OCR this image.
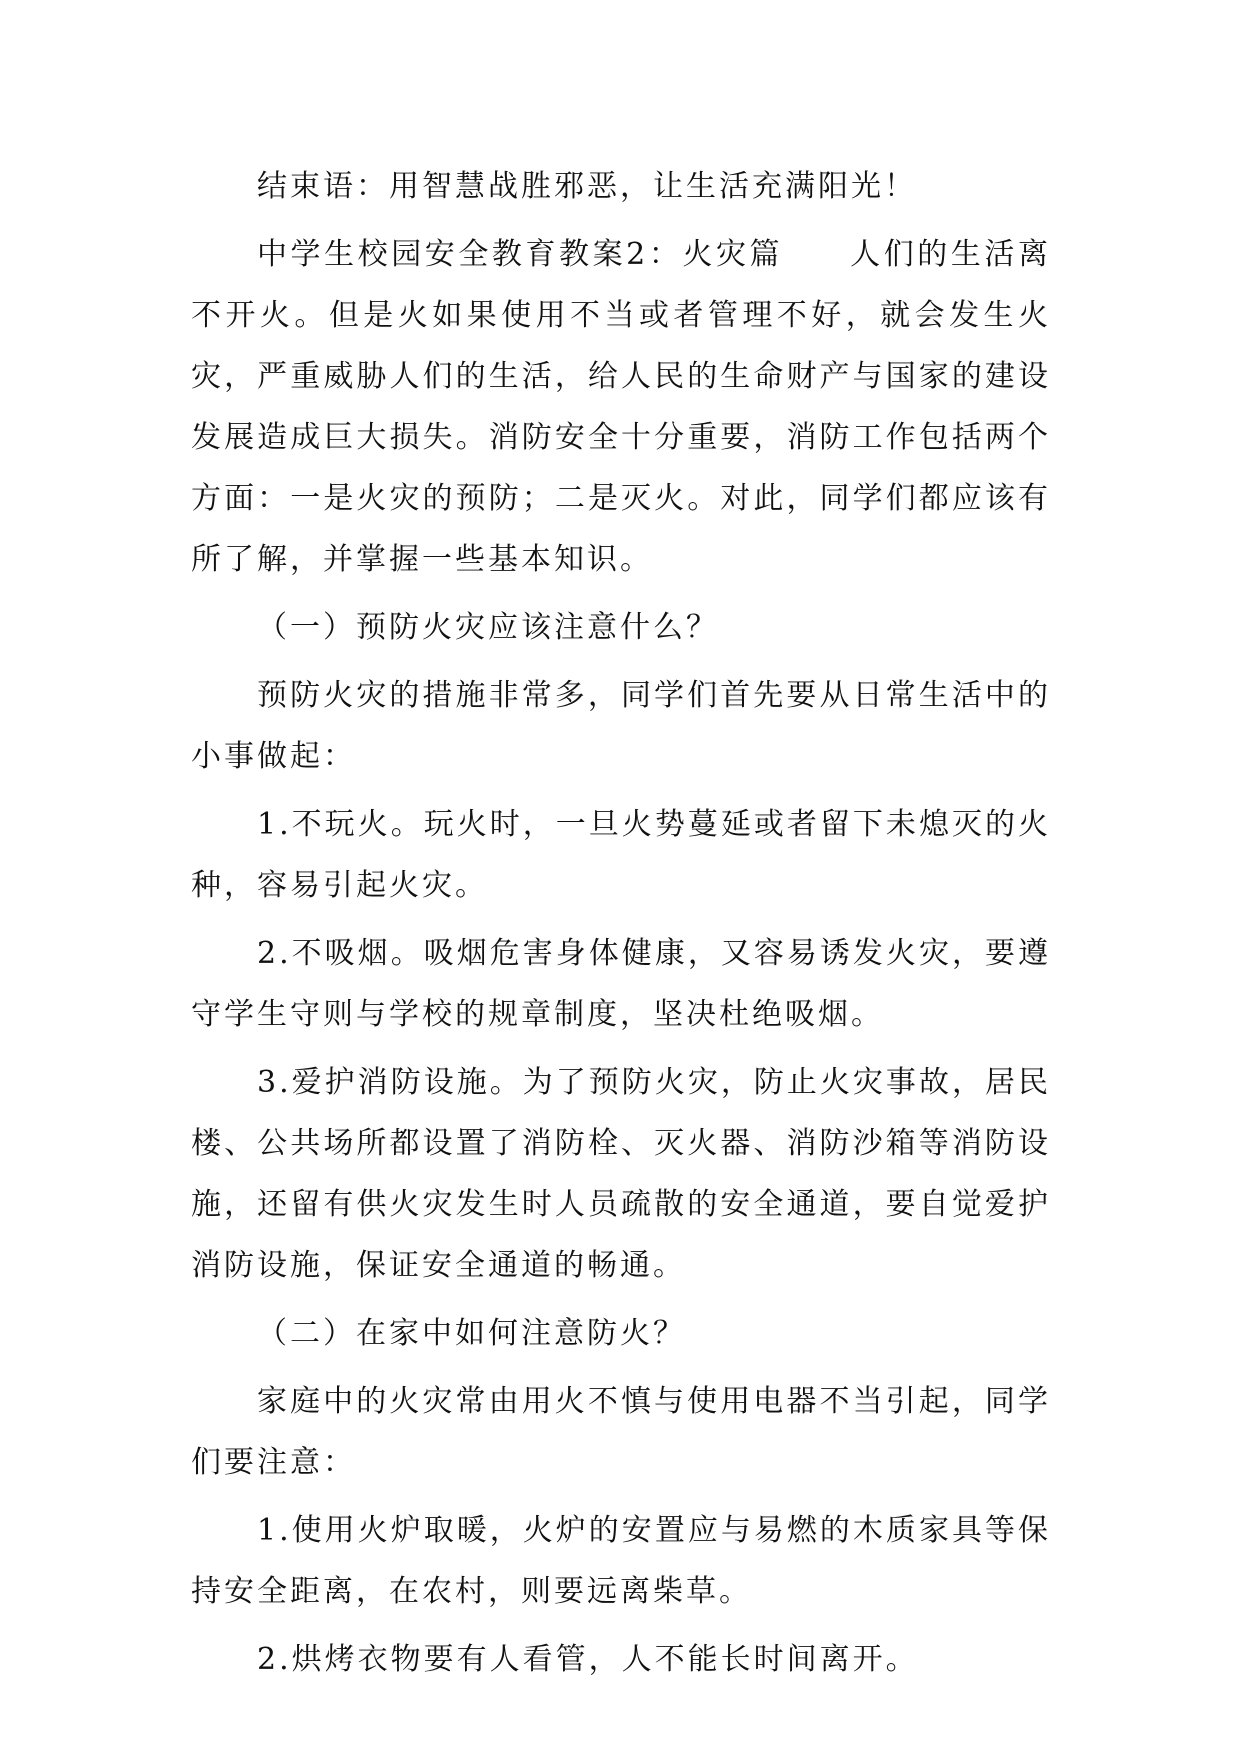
结束语：用智慧战胜邪恶，让生活充满阳光！

中学生校园安全教育教案2：火灾篇　　人们的生活离不开火。但是火如果使用不当或者管理不好，就会发生火灾，严重威胁人们的生活，给人民的生命财产与国家的建设发展造成巨大损失。消防安全十分重要，消防工作包括两个方面：一是火灾的预防；二是灭火。对此，同学们都应该有所了解，并掌握一些基本知识。

（一）预防火灾应该注意什么？

预防火灾的措施非常多，同学们首先要从日常生活中的小事做起：

1.不玩火。玩火时，一旦火势蔓延或者留下未熄灭的火种，容易引起火灾。

2.不吸烟。吸烟危害身体健康，又容易诱发火灾，要遵守学生守则与学校的规章制度，坚决杜绝吸烟。

3.爱护消防设施。为了预防火灾，防止火灾事故，居民楼、公共场所都设置了消防栓、灭火器、消防沙箱等消防设施，还留有供火灾发生时人员疏散的安全通道，要自觉爱护消防设施，保证安全通道的畅通。

（二）在家中如何注意防火？

家庭中的火灾常由用火不慎与使用电器不当引起，同学们要注意：

1.使用火炉取暖，火炉的安置应与易燃的木质家具等保持安全距离，在农村，则要远离柴草。

2.烘烤衣物要有人看管，人不能长时间离开。
